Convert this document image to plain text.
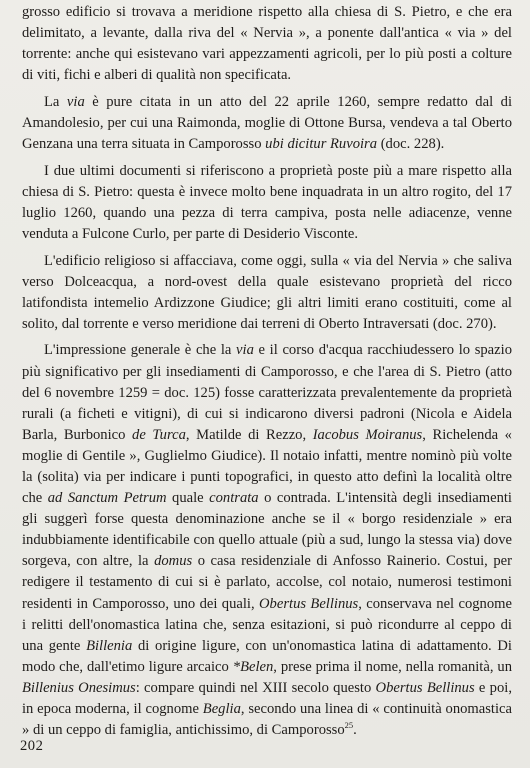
grosso edificio si trovava a meridione rispetto alla chiesa di S. Pietro, e che era delimitato, a levante, dalla riva del « Nervia », a ponente dall'antica « via » del torrente: anche qui esistevano vari appezzamenti agricoli, per lo più posti a colture di viti, fichi e alberi di qualità non specificata.

La via è pure citata in un atto del 22 aprile 1260, sempre redatto dal di Amandolesio, per cui una Raimonda, moglie di Ottone Bursa, vendeva a tal Oberto Genzana una terra situata in Camporosso ubi dicitur Ruvoira (doc. 228).

I due ultimi documenti si riferiscono a proprietà poste più a mare rispetto alla chiesa di S. Pietro: questa è invece molto bene inquadrata in un altro rogito, del 17 luglio 1260, quando una pezza di terra campiva, posta nelle adiacenze, venne venduta a Fulcone Curlo, per parte di Desiderio Visconte.

L'edificio religioso si affacciava, come oggi, sulla « via del Nervia » che saliva verso Dolceacqua, a nord-ovest della quale esistevano proprietà del ricco latifondista intemelio Ardizzone Giudice; gli altri limiti erano costituiti, come al solito, dal torrente e verso meridione dai terreni di Oberto Intraversati (doc. 270).

L'impressione generale è che la via e il corso d'acqua racchiudessero lo spazio più significativo per gli insediamenti di Camporosso, e che l'area di S. Pietro (atto del 6 novembre 1259 = doc. 125) fosse caratterizzata prevalentemente da proprietà rurali (a ficheti e vitigni), di cui si indicarono diversi padroni (Nicola e Aidela Barla, Burbonico de Turca, Matilde di Rezzo, Iacobus Moiranus, Richelenda « moglie di Gentile », Guglielmo Giudice). Il notaio infatti, mentre nominò più volte la (solita) via per indicare i punti topografici, in questo atto definì la località oltre che ad Sanctum Petrum quale contrata o contrada. L'intensità degli insediamenti gli suggerì forse questa denominazione anche se il « borgo residenziale » era indubbiamente identificabile con quello attuale (più a sud, lungo la stessa via) dove sorgeva, con altre, la domus o casa residenziale di Anfosso Rainerio. Costui, per redigere il testamento di cui si è parlato, accolse, col notaio, numerosi testimoni residenti in Camporosso, uno dei quali, Obertus Bellinus, conservava nel cognome i relitti dell'onomastica latina che, senza esitazioni, si può ricondurre al ceppo di una gente Billenia di origine ligure, con un'onomastica latina di adattamento. Di modo che, dall'etimo ligure arcaico *Belen, prese prima il nome, nella romanità, un Billenius Onesimus: compare quindi nel XIII secolo questo Obertus Bellinus e poi, in epoca moderna, il cognome Beglia, secondo una linea di « continuità onomastica » di un ceppo di famiglia, antichissimo, di Camporosso$^{25}$.

202
